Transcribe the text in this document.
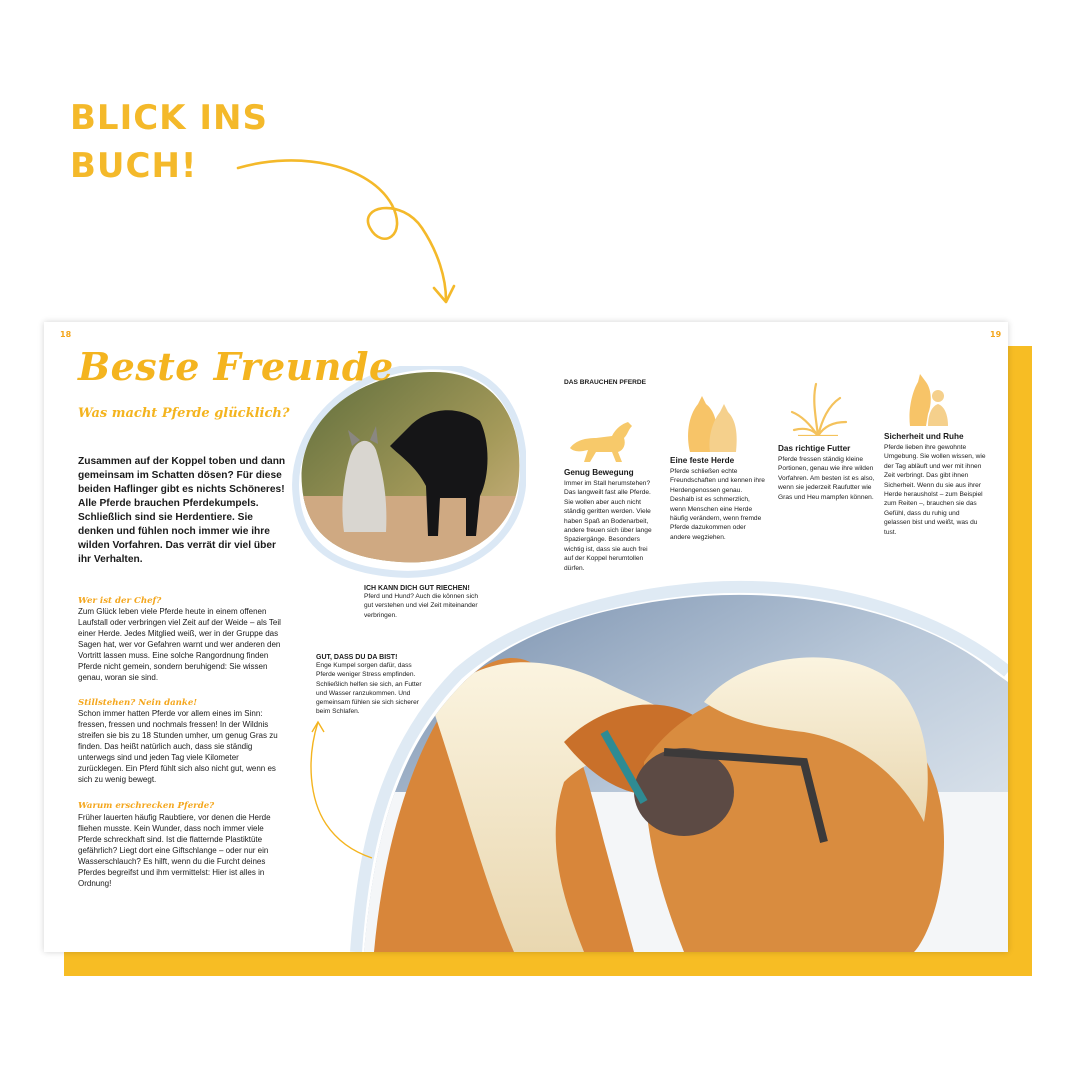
BLICK INS
BUCH!
18	19
Beste Freunde
Was macht Pferde glücklich?

Zusammen auf der Koppel toben und dann gemeinsam im Schatten dösen? Für diese beiden Haflinger gibt es nichts Schöneres! Alle Pferde brauchen Pferdekumpels. Schließlich sind sie Herdentiere. Sie denken und fühlen noch immer wie ihre wilden Vorfahren. Das verrät dir viel über ihr Verhalten.

Wer ist der Chef?

Zum Glück leben viele Pferde heute in einem offenen Laufstall oder verbringen viel Zeit auf der Weide – als Teil einer Herde. Jedes Mitglied weiß, wer in der Gruppe das Sagen hat, wer vor Gefahren warnt und wer anderen den Vortritt lassen muss. Eine solche Rangordnung finden Pferde nicht gemein, sondern beruhigend: Sie wissen genau, woran sie sind.

Stillstehen? Nein danke!

Schon immer hatten Pferde vor allem eines im Sinn: fressen, fressen und nochmals fressen! In der Wildnis streifen sie bis zu 18 Stunden umher, um genug Gras zu finden. Das heißt natürlich auch, dass sie ständig unterwegs sind und jeden Tag viele Kilometer zurücklegen. Ein Pferd fühlt sich also nicht gut, wenn es sich zu wenig bewegt.

Warum erschrecken Pferde?

Früher lauerten häufig Raubtiere, vor denen die Herde fliehen musste. Kein Wunder, dass noch immer viele Pferde schreckhaft sind. Ist die flatternde Plastiktüte gefährlich? Liegt dort eine Giftschlange – oder nur ein Wasserschlauch? Es hilft, wenn du die Furcht deines Pferdes begreifst und ihm vermittelst: Hier ist alles in Ordnung!

ICH KANN DICH GUT RIECHEN!
Pferd und Hund? Auch die können sich gut verstehen und viel Zeit miteinander verbringen.
GUT, DASS DU DA BIST!
Enge Kumpel sorgen dafür, dass Pferde weniger Stress empfinden. Schließlich helfen sie sich, an Futter und Wasser ranzukommen. Und gemeinsam fühlen sie sich sicherer beim Schlafen.
DAS BRAUCHEN PFERDE
Genug Bewegung
Immer im Stall herumstehen? Das langweilt fast alle Pferde. Sie wollen aber auch nicht ständig geritten werden. Viele haben Spaß an Bodenarbeit, andere freuen sich über lange Spaziergänge. Besonders wichtig ist, dass sie auch frei auf der Koppel herumtollen dürfen.
Eine feste Herde
Pferde schließen echte Freundschaften und kennen ihre Herdengenossen genau. Deshalb ist es schmerzlich, wenn Menschen eine Herde häufig verändern, wenn fremde Pferde dazukommen oder andere wegziehen.
Das richtige Futter
Pferde fressen ständig kleine Portionen, genau wie ihre wilden Vorfahren. Am besten ist es also, wenn sie jederzeit Raufutter wie Gras und Heu mampfen können.
Sicherheit und Ruhe
Pferde lieben ihre gewohnte Umgebung. Sie wollen wissen, wie der Tag abläuft und wer mit ihnen Zeit verbringt. Das gibt ihnen Sicherheit. Wenn du sie aus ihrer Herde herausholst – zum Beispiel zum Reiten –, brauchen sie das Gefühl, dass du ruhig und gelassen bist und weißt, was du tust.
